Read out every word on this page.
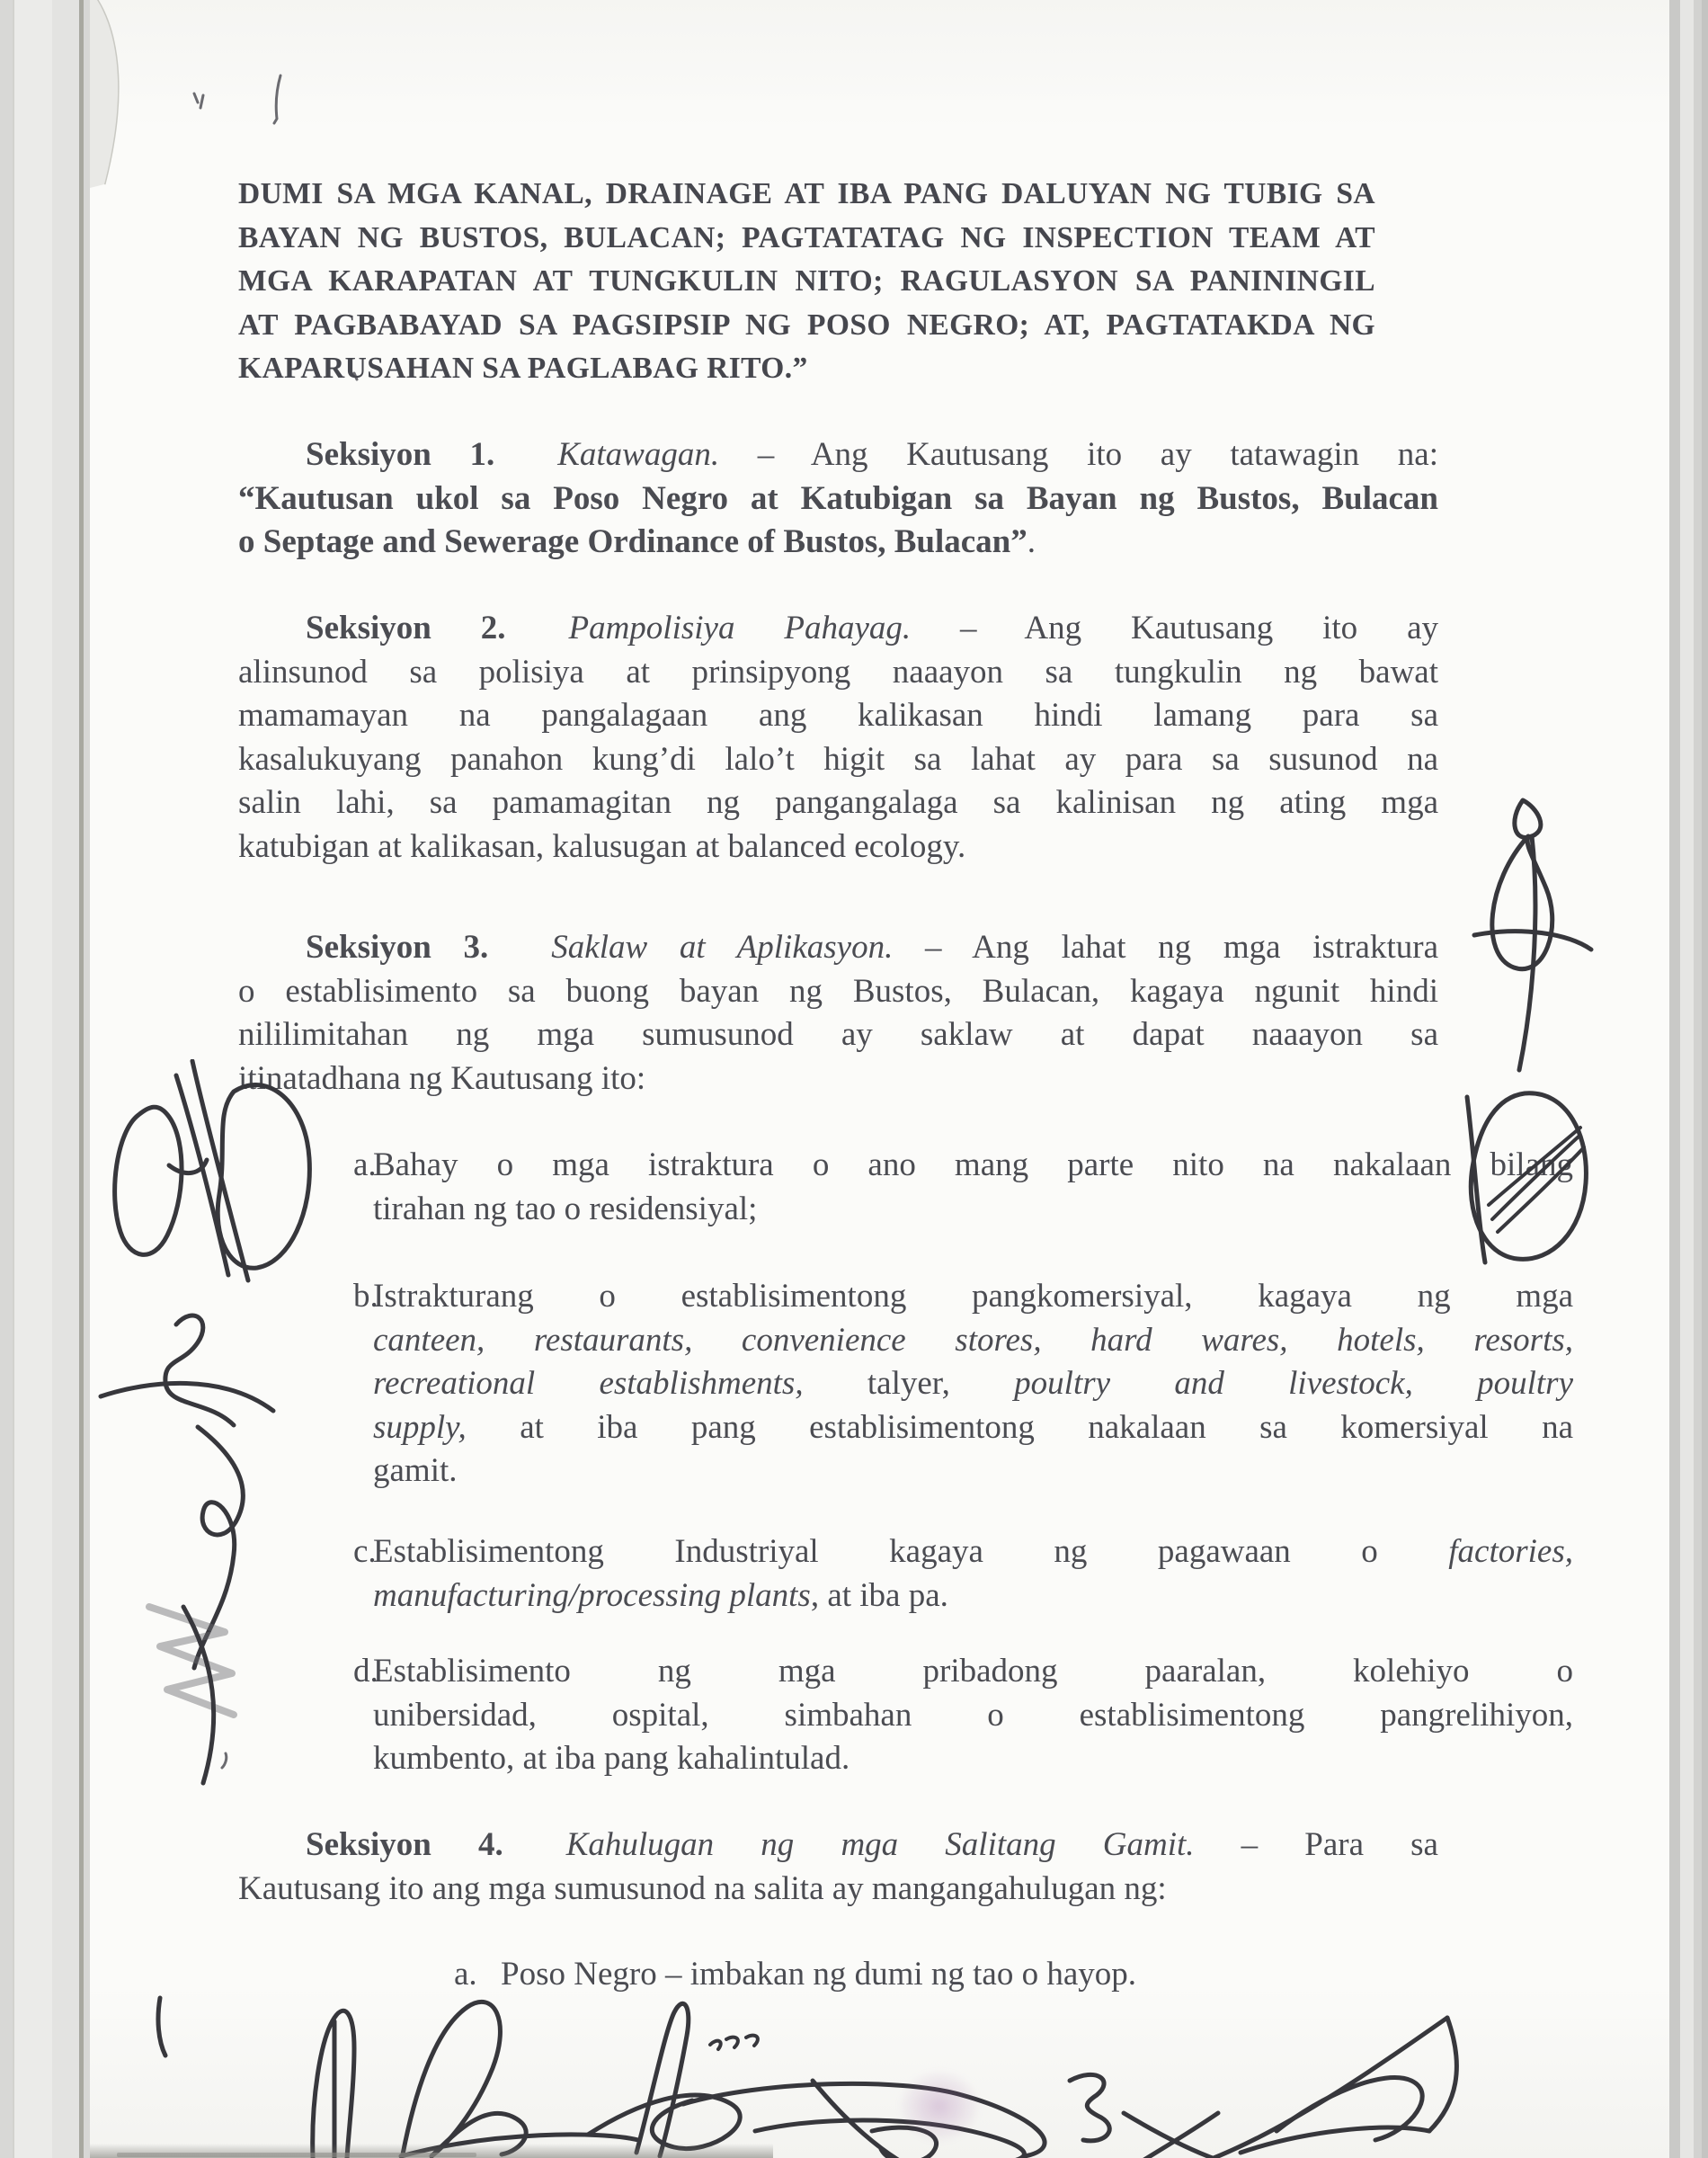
DUMI SA MGA KANAL, DRAINAGE AT IBA PANG DALUYAN NG TUBIG SA
BAYAN NG BUSTOS, BULACAN; PAGTATATAG NG INSPECTION TEAM AT
MGA KARAPATAN AT TUNGKULIN NITO; RAGULASYON SA PANININGIL
AT PAGBABAYAD SA PAGSIPSIP NG POSO NEGRO; AT, PAGTATAKDA NG
KAPARUSAHAN SA PAGLABAG RITO.”
Seksiyon 1. Katawagan. – Ang Kautusang ito ay tatawagin na:
“Kautusan ukol sa Poso Negro at Katubigan sa Bayan ng Bustos, Bulacan
o Septage and Sewerage Ordinance of Bustos, Bulacan”.
Seksiyon 2. Pampolisiya Pahayag. – Ang Kautusang ito ay
alinsunod sa polisiya at prinsipyong naaayon sa tungkulin ng bawat
mamamayan na pangalagaan ang kalikasan hindi lamang para sa
kasalukuyang panahon kung’di lalo’t higit sa lahat ay para sa susunod na
salin lahi, sa pamamagitan ng pangangalaga sa kalinisan ng ating mga
katubigan at kalikasan, kalusugan at balanced ecology.
Seksiyon 3. Saklaw at Aplikasyon. – Ang lahat ng mga istraktura
o establisimento sa buong bayan ng Bustos, Bulacan, kagaya ngunit hindi
nililimitahan ng mga sumusunod ay saklaw at dapat naaayon sa
itinatadhana ng Kautusang ito:
a.
Bahay o mga istraktura o ano mang parte nito na nakalaan bilang
tirahan ng tao o residensiyal;
b.
Istrakturang o establisimentong pangkomersiyal, kagaya ng mga
canteen, restaurants, convenience stores, hard wares, hotels, resorts,
recreational establishments, talyer, poultry and livestock, poultry
supply, at iba pang establisimentong nakalaan sa komersiyal na
gamit.
c.
Establisimentong Industriyal kagaya ng pagawaan o factories,
manufacturing/processing plants, at iba pa.
d.
Establisimento ng mga pribadong paaralan, kolehiyo o
unibersidad, ospital, simbahan o establisimentong pangrelihiyon,
kumbento, at iba pang kahalintulad.
Seksiyon 4. Kahulugan ng mga Salitang Gamit. – Para sa
Kautusang ito ang mga sumusunod na salita ay mangangahulugan ng:
a. Poso Negro – imbakan ng dumi ng tao o hayop.
